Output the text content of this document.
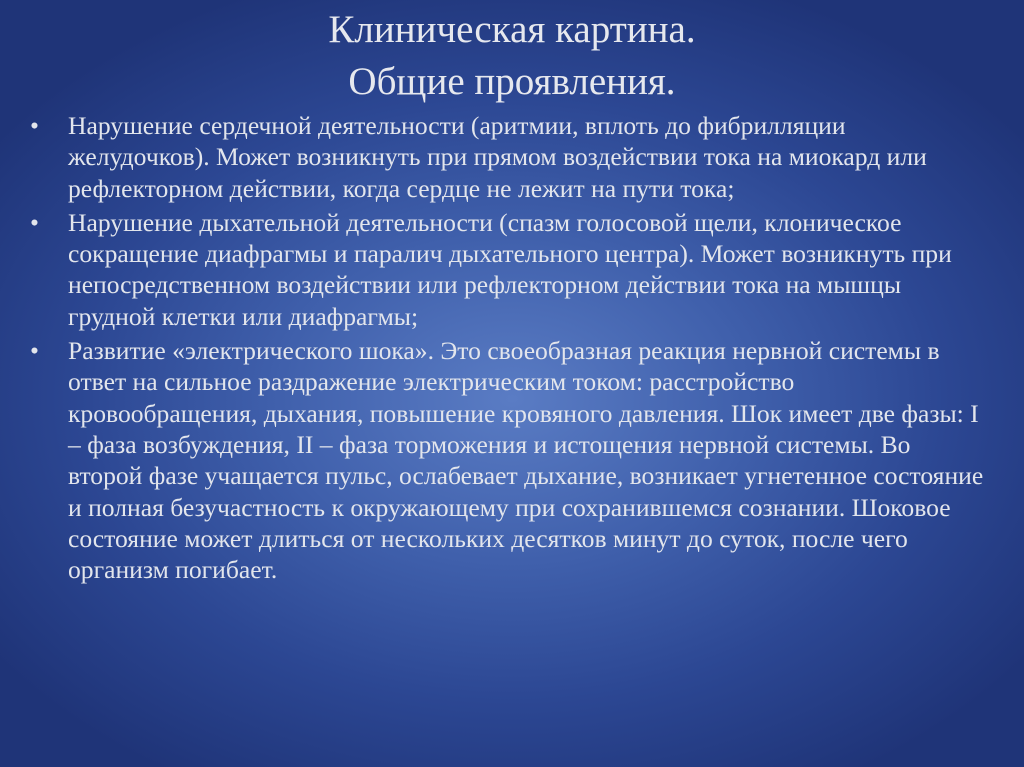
Клиническая картина.
Общие проявления.
• Нарушение сердечной деятельности (аритмии, вплоть до фибрилляции желудочков). Может возникнуть при прямом воздействии тока на миокард или рефлекторном действии, когда сердце не лежит на пути тока;
• Нарушение дыхательной деятельности (спазм голосовой щели, клоническое сокращение диафрагмы и паралич дыхательного центра). Может возникнуть при непосредственном воздействии или рефлекторном действии тока на мышцы грудной клетки или диафрагмы;
• Развитие «электрического шока». Это своеобразная реакция нервной системы в ответ на сильное раздражение электрическим током: расстройство кровообращения, дыхания, повышение кровяного давления. Шок имеет две фазы: I – фаза возбуждения, II – фаза торможения и истощения нервной системы. Во второй фазе учащается пульс, ослабевает дыхание, возникает угнетенное состояние и полная безучастность к окружающему при сохранившемся сознании. Шоковое состояние может длиться от нескольких десятков минут до суток, после чего организм погибает.
